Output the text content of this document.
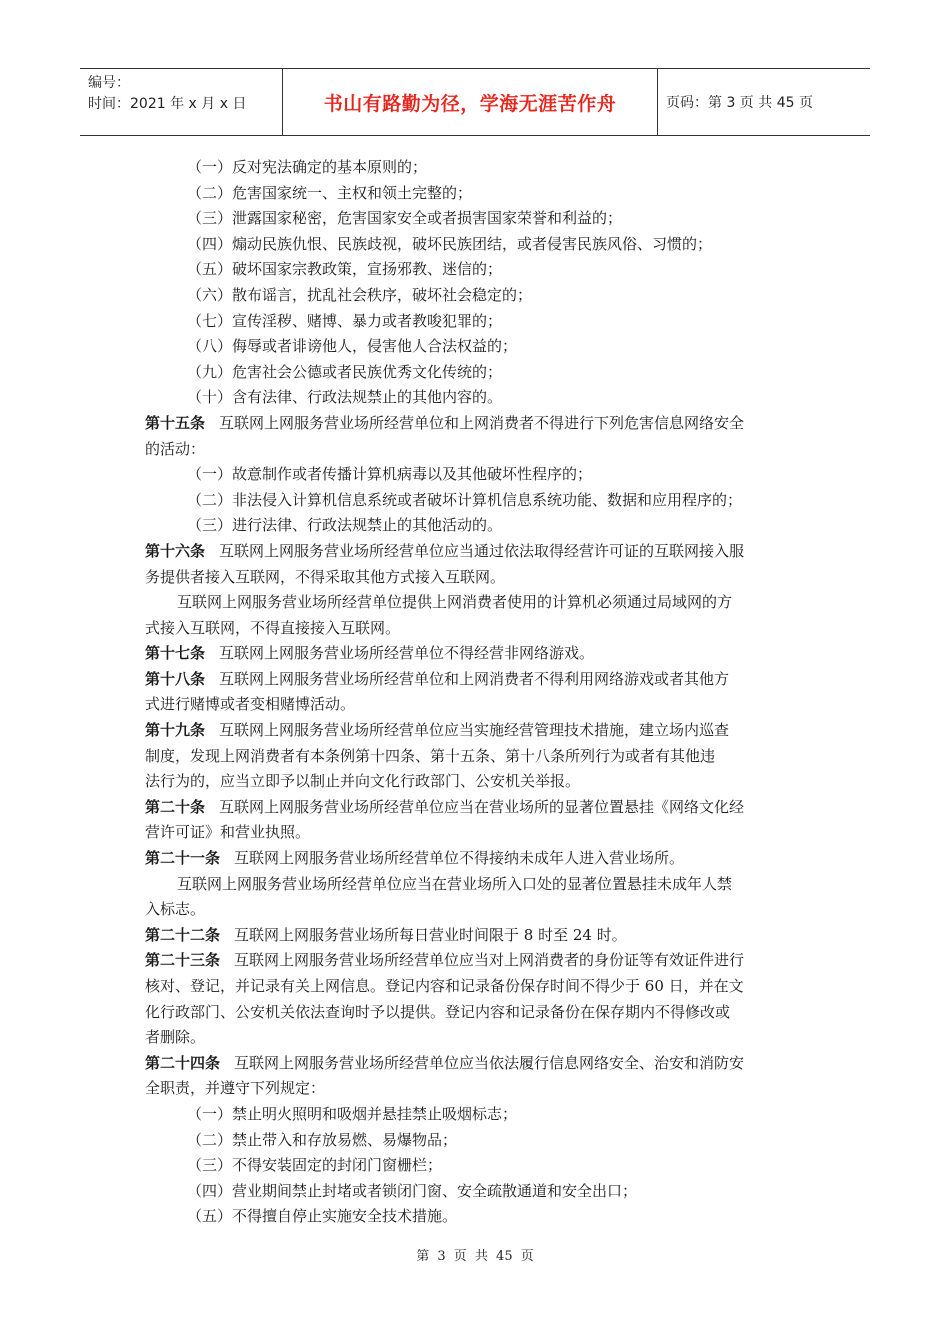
编号：
时间：2021 年 x 月 x 日	书山有路勤为径，学海无涯苦作舟	页码：第 3 页 共 45 页
（一）反对宪法确定的基本原则的；
（二）危害国家统一、主权和领土完整的；
（三）泄露国家秘密，危害国家安全或者损害国家荣誉和利益的；
（四）煽动民族仇恨、民族歧视，破坏民族团结，或者侵害民族风俗、习惯的；
（五）破坏国家宗教政策，宣扬邪教、迷信的；
（六）散布谣言，扰乱社会秩序，破坏社会稳定的；
（七）宣传淫秽、赌博、暴力或者教唆犯罪的；
（八）侮辱或者诽谤他人，侵害他人合法权益的；
（九）危害社会公德或者民族优秀文化传统的；
（十）含有法律、行政法规禁止的其他内容的。
第十五条 互联网上网服务营业场所经营单位和上网消费者不得进行下列危害信息网络安全
的活动：
（一）故意制作或者传播计算机病毒以及其他破坏性程序的；
（二）非法侵入计算机信息系统或者破坏计算机信息系统功能、数据和应用程序的；
（三）进行法律、行政法规禁止的其他活动的。
第十六条 互联网上网服务营业场所经营单位应当通过依法取得经营许可证的互联网接入服
务提供者接入互联网，不得采取其他方式接入互联网。
互联网上网服务营业场所经营单位提供上网消费者使用的计算机必须通过局域网的方
式接入互联网，不得直接接入互联网。
第十七条 互联网上网服务营业场所经营单位不得经营非网络游戏。
第十八条 互联网上网服务营业场所经营单位和上网消费者不得利用网络游戏或者其他方
式进行赌博或者变相赌博活动。
第十九条 互联网上网服务营业场所经营单位应当实施经营管理技术措施，建立场内巡查
制度，发现上网消费者有本条例第十四条、第十五条、第十八条所列行为或者有其他违
法行为的，应当立即予以制止并向文化行政部门、公安机关举报。
第二十条 互联网上网服务营业场所经营单位应当在营业场所的显著位置悬挂《网络文化经
营许可证》和营业执照。
第二十一条 互联网上网服务营业场所经营单位不得接纳未成年人进入营业场所。
互联网上网服务营业场所经营单位应当在营业场所入口处的显著位置悬挂未成年人禁
入标志。
第二十二条 互联网上网服务营业场所每日营业时间限于 8 时至 24 时。
第二十三条 互联网上网服务营业场所经营单位应当对上网消费者的身份证等有效证件进行
核对、登记，并记录有关上网信息。登记内容和记录备份保存时间不得少于 60 日，并在文
化行政部门、公安机关依法查询时予以提供。登记内容和记录备份在保存期内不得修改或
者删除。
第二十四条 互联网上网服务营业场所经营单位应当依法履行信息网络安全、治安和消防安
全职责，并遵守下列规定：
（一）禁止明火照明和吸烟并悬挂禁止吸烟标志；
（二）禁止带入和存放易燃、易爆物品；
（三）不得安装固定的封闭门窗栅栏；
（四）营业期间禁止封堵或者锁闭门窗、安全疏散通道和安全出口；
（五）不得擅自停止实施安全技术措施。
第 3 页 共 45 页
